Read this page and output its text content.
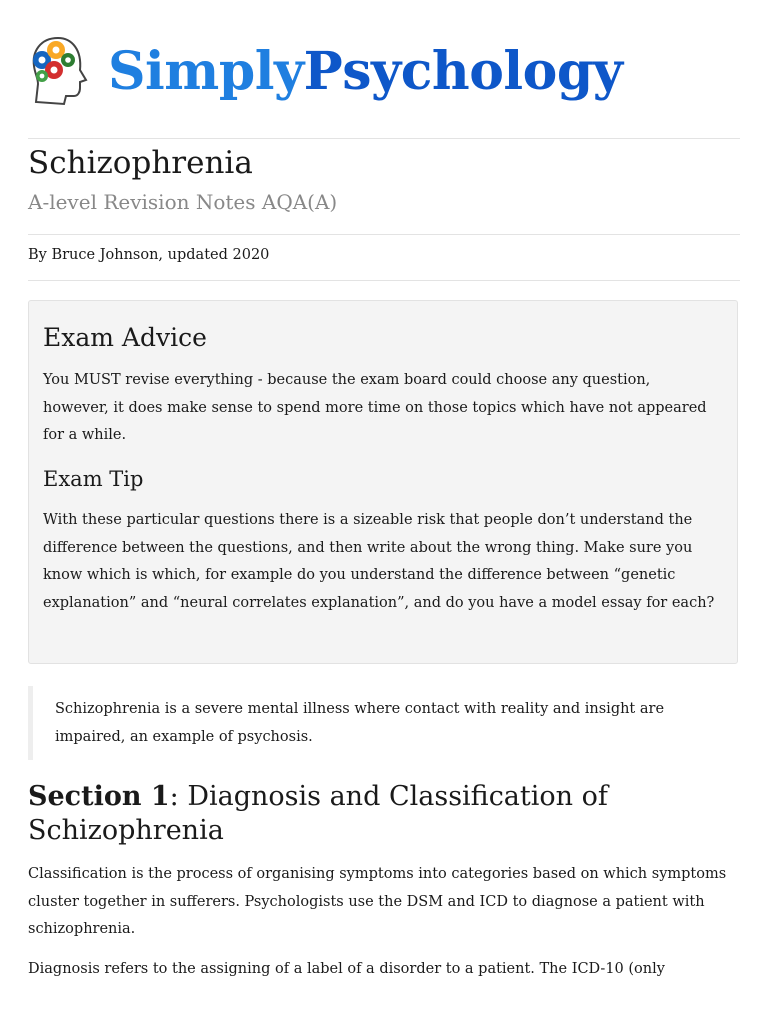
SimplyPsychology
Schizophrenia
A-level Revision Notes AQA(A)

By Bruce Johnson, updated 2020

Exam Advice

You MUST revise everything - because the exam board could choose any question, however, it does make sense to spend more time on those topics which have not appeared for a while.

Exam Tip

With these particular questions there is a sizeable risk that people don’t understand the difference between the questions, and then write about the wrong thing. Make sure you know which is which, for example do you understand the difference between “genetic explanation” and “neural correlates explanation”, and do you have a model essay for each?

Schizophrenia is a severe mental illness where contact with reality and insight are impaired, an example of psychosis.

Section 1: Diagnosis and Classification of Schizophrenia

Classification is the process of organising symptoms into categories based on which symptoms cluster together in sufferers. Psychologists use the DSM and ICD to diagnose a patient with schizophrenia.

Diagnosis refers to the assigning of a label of a disorder to a patient. The ICD-10 (only
